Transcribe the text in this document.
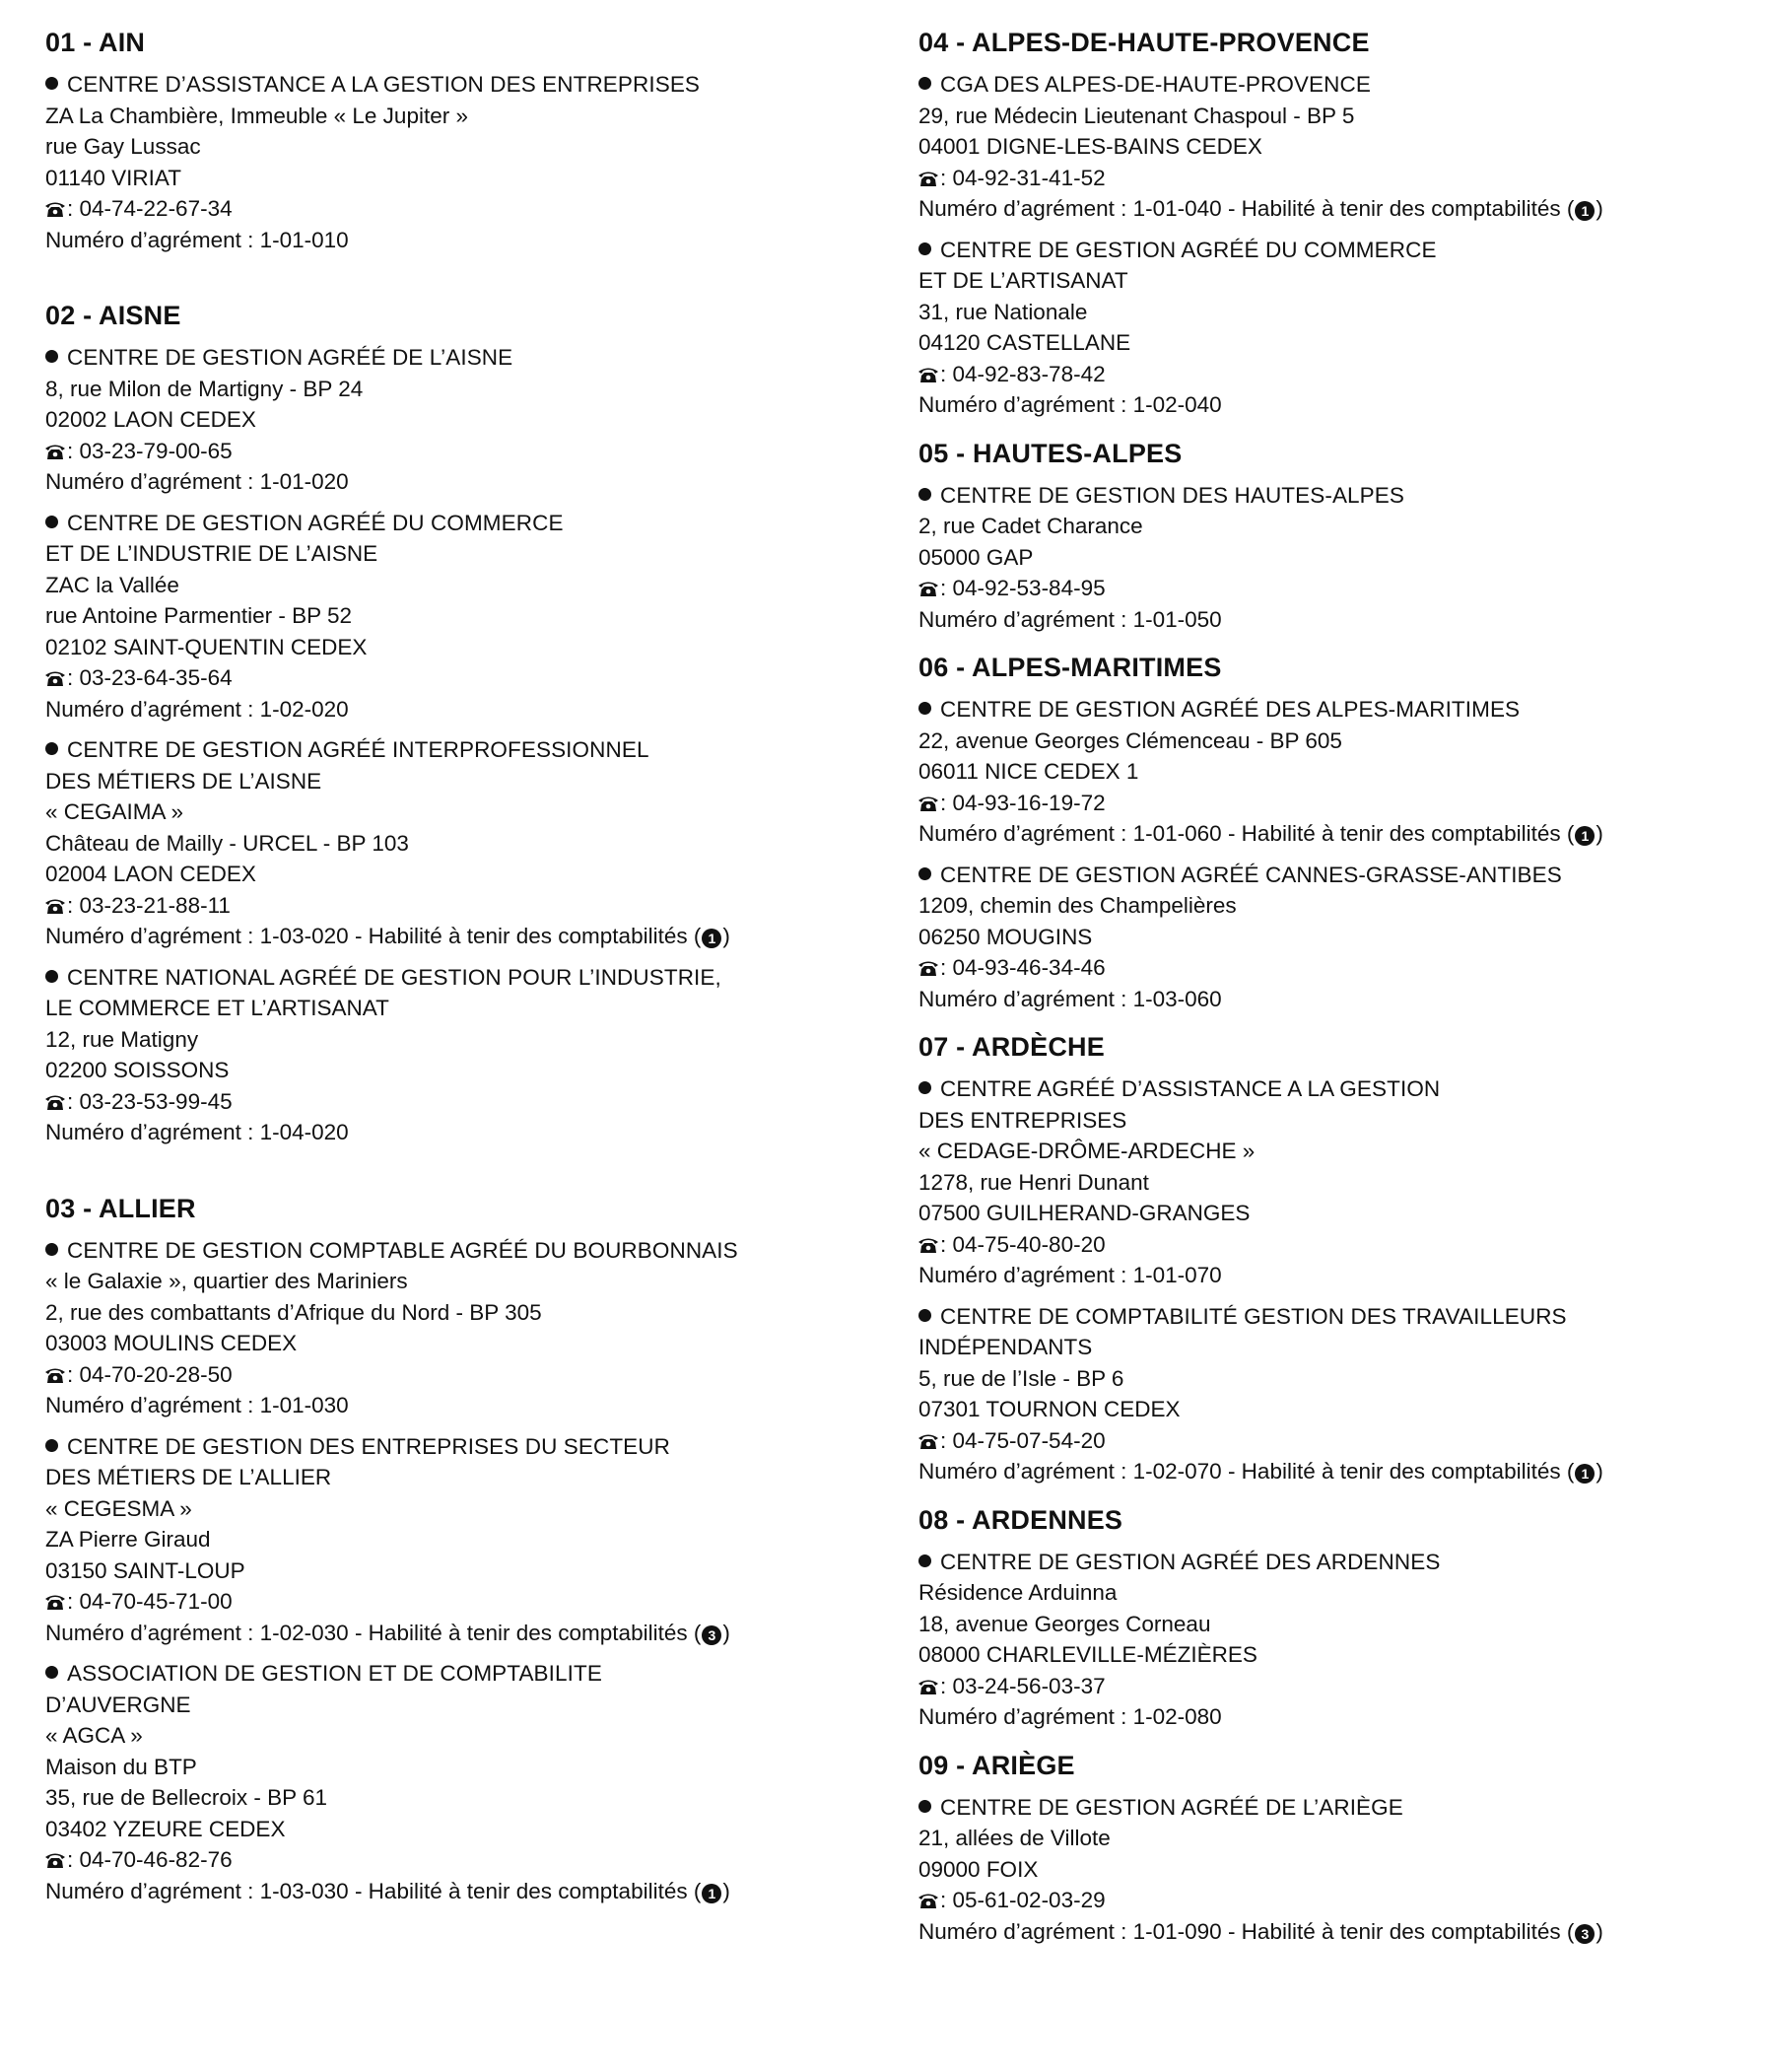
01 - AIN
CENTRE D’ASSISTANCE A LA GESTION DES ENTREPRISES
ZA La Chambière, Immeuble « Le Jupiter »
rue Gay Lussac
01140 VIRIAT
: 04-74-22-67-34
Numéro d’agrément : 1-01-010
02 - AISNE
CENTRE DE GESTION AGRÉÉ DE L’AISNE
8, rue Milon de Martigny - BP 24
02002 LAON CEDEX
: 03-23-79-00-65
Numéro d’agrément : 1-01-020
CENTRE DE GESTION AGRÉÉ DU COMMERCE
ET DE L’INDUSTRIE DE L’AISNE
ZAC la Vallée
rue Antoine Parmentier - BP 52
02102 SAINT-QUENTIN CEDEX
: 03-23-64-35-64
Numéro d’agrément : 1-02-020
CENTRE DE GESTION AGRÉÉ INTERPROFESSIONNEL
DES MÉTIERS DE L’AISNE
« CEGAIMA »
Château de Mailly - URCEL - BP 103
02004 LAON CEDEX
: 03-23-21-88-11
Numéro d’agrément : 1-03-020 - Habilité à tenir des comptabilités ( 1 )
CENTRE NATIONAL AGRÉÉ DE GESTION POUR L’INDUSTRIE,
LE COMMERCE ET L’ARTISANAT
12, rue Matigny
02200 SOISSONS
: 03-23-53-99-45
Numéro d’agrément : 1-04-020
03 - ALLIER
CENTRE DE GESTION COMPTABLE AGRÉÉ DU BOURBONNAIS
« le Galaxie », quartier des Mariniers
2, rue des combattants d’Afrique du Nord - BP 305
03003 MOULINS CEDEX
: 04-70-20-28-50
Numéro d’agrément : 1-01-030
CENTRE DE GESTION DES ENTREPRISES DU SECTEUR
DES MÉTIERS DE L’ALLIER
« CEGESMA »
ZA Pierre Giraud
03150 SAINT-LOUP
: 04-70-45-71-00
Numéro d’agrément : 1-02-030 - Habilité à tenir des comptabilités ( 3 )
ASSOCIATION DE GESTION ET DE COMPTABILITE
D’AUVERGNE
« AGCA »
Maison du BTP
35, rue de Bellecroix - BP 61
03402 YZEURE CEDEX
: 04-70-46-82-76
Numéro d’agrément : 1-03-030 - Habilité à tenir des comptabilités ( 1 )
04 - ALPES-DE-HAUTE-PROVENCE
CGA DES ALPES-DE-HAUTE-PROVENCE
29, rue Médecin Lieutenant Chaspoul - BP 5
04001 DIGNE-LES-BAINS CEDEX
: 04-92-31-41-52
Numéro d’agrément : 1-01-040 - Habilité à tenir des comptabilités ( 1 )
CENTRE DE GESTION AGRÉÉ DU COMMERCE
ET DE L’ARTISANAT
31, rue Nationale
04120 CASTELLANE
: 04-92-83-78-42
Numéro d’agrément : 1-02-040
05 - HAUTES-ALPES
CENTRE DE GESTION DES HAUTES-ALPES
2, rue Cadet Charance
05000 GAP
: 04-92-53-84-95
Numéro d’agrément : 1-01-050
06 - ALPES-MARITIMES
CENTRE DE GESTION AGRÉÉ DES ALPES-MARITIMES
22, avenue Georges Clémenceau - BP 605
06011 NICE CEDEX 1
: 04-93-16-19-72
Numéro d’agrément : 1-01-060 - Habilité à tenir des comptabilités ( 1 )
CENTRE DE GESTION AGRÉÉ CANNES-GRASSE-ANTIBES
1209, chemin des Champelières
06250 MOUGINS
: 04-93-46-34-46
Numéro d’agrément : 1-03-060
07 - ARDÈCHE
CENTRE AGRÉÉ D’ASSISTANCE A LA GESTION
DES ENTREPRISES
« CEDAGE-DRÔME-ARDECHE »
1278, rue Henri Dunant
07500 GUILHERAND-GRANGES
: 04-75-40-80-20
Numéro d’agrément : 1-01-070
CENTRE DE COMPTABILITÉ GESTION DES TRAVAILLEURS
INDÉPENDANTS
5, rue de l’Isle - BP 6
07301 TOURNON CEDEX
: 04-75-07-54-20
Numéro d’agrément : 1-02-070 - Habilité à tenir des comptabilités ( 1 )
08 - ARDENNES
CENTRE DE GESTION AGRÉÉ DES ARDENNES
Résidence Arduinna
18, avenue Georges Corneau
08000 CHARLEVILLE-MÉZIÈRES
: 03-24-56-03-37
Numéro d’agrément : 1-02-080
09 - ARIÈGE
CENTRE DE GESTION AGRÉÉ DE L’ARIÈGE
21, allées de Villote
09000 FOIX
: 05-61-02-03-29
Numéro d’agrément : 1-01-090 - Habilité à tenir des comptabilités ( 3 )
